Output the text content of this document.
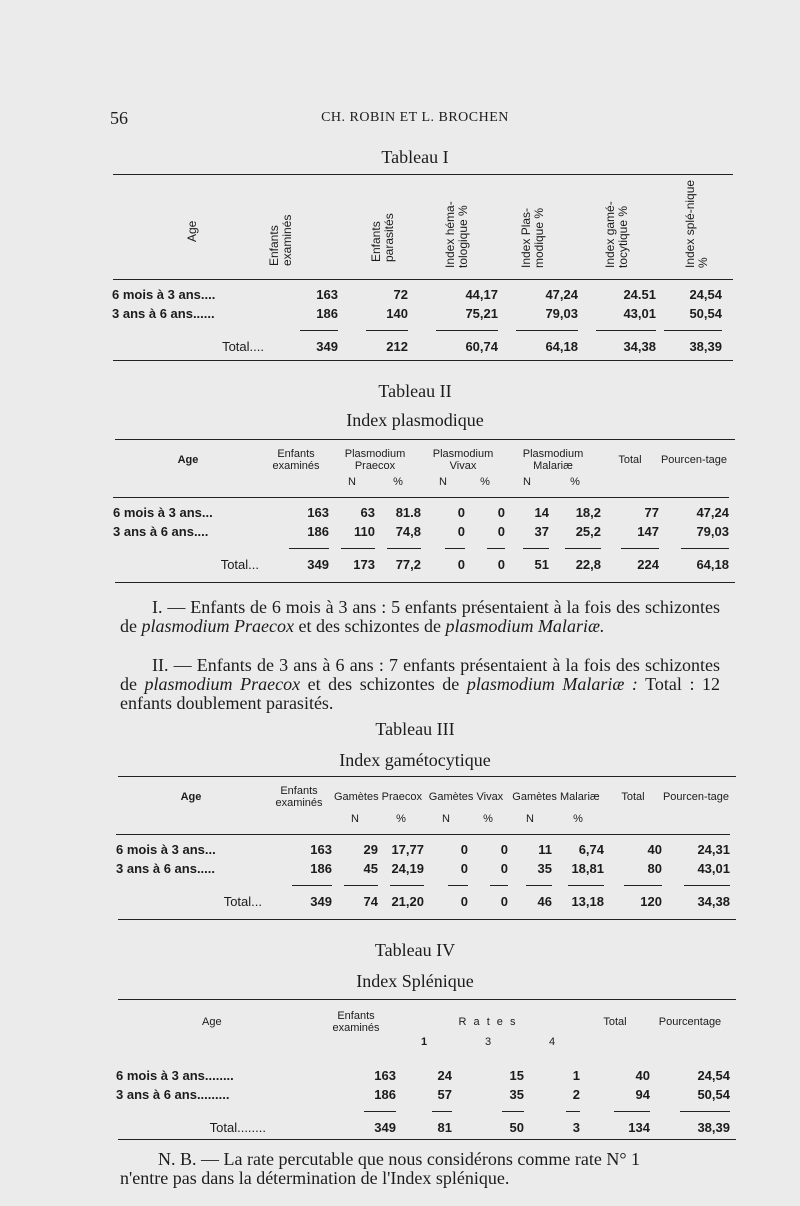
56	CH. ROBIN ET L. BROCHEN
Tableau I
Age	Enfants examinés	Enfants parasités	Index héma-tologique %	Index Plas-modique %	Index gamé-tocytique %	Index splé-nique %
6 mois à 3 ans....	163	72	44,17	47,24	24.51	24,54
3 ans à 6 ans......	186	140	75,21	79,03	43,01	50,54

Total....	349	212	60,74	64,18	34,38	38,39
Tableau II
Index plasmodique
Age	Enfants examinés	Plasmodium Praecox		Plasmodium Vivax		Plasmodium Malariæ		Total	Pourcen-tage
		N	%	N	%	N	%		

6 mois à 3 ans...	163	63	81.8	0	0	14	18,2	77	47,24
3 ans à 6 ans....	186	110	74,8	0	0	37	25,2	147	79,03

Total...	349	173	77,2	0	0	51	22,8	224	64,18
I. — Enfants de 6 mois à 3 ans : 5 enfants présentaient à la fois des schizontes de plasmodium Praecox et des schizontes de plasmodium Malariæ.
II. — Enfants de 3 ans à 6 ans : 7 enfants présentaient à la fois des schizontes de plasmodium Praecox et des schizontes de plasmodium Malariæ : Total : 12 enfants doublement parasités.
Tableau III
Index gamétocytique
Age	Enfants examinés	Gamètes Praecox		Gamètes Vivax		Gamètes Malariæ		Total	Pourcen-tage
		N	%	N	%	N	%		

6 mois à 3 ans...	163	29	17,77	0	0	11	6,74	40	24,31
3 ans à 6 ans.....	186	45	24,19	0	0	35	18,81	80	43,01

Total...	349	74	21,20	0	0	46	13,18	120	34,38
Tableau IV
Index Splénique
Age	Enfants examinés	R a t e s			Total	Pourcentage
		1	3	4		

6 mois à 3 ans........	163	24	15	1	40	24,54
3 ans à 6 ans.........	186	57	35	2	94	50,54

Total........	349	81	50	3	134	38,39
N. B. — La rate percutable que nous considérons comme rate N° 1
n'entre pas dans la détermination de l'Index splénique.
